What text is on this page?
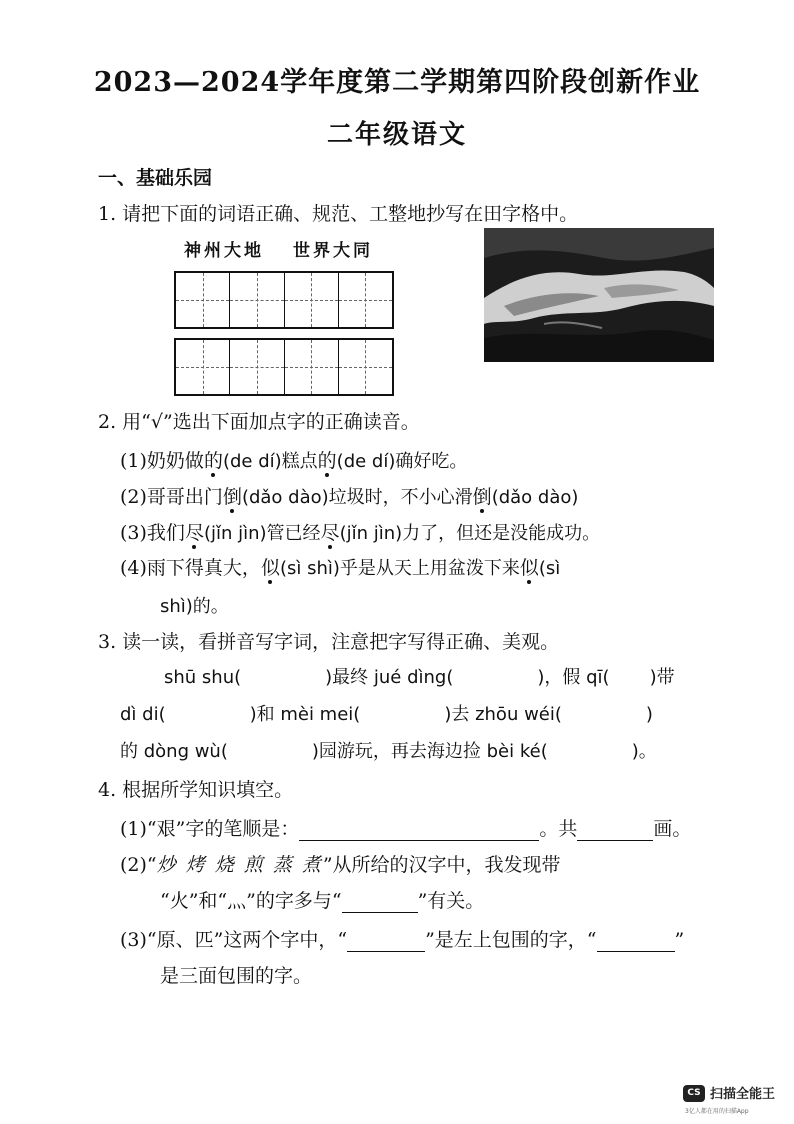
2023—2024学年度第二学期第四阶段创新作业
二年级语文
一、基础乐园
1. 请把下面的词语正确、规范、工整地抄写在田字格中。
神州大地 世界大同
2. 用“√”选出下面加点字的正确读音。
(1)奶奶做的(de dí)糕点的(de dí)确好吃。
(2)哥哥出门倒(dǎo dào)垃圾时，不小心滑倒(dǎo dào)
(3)我们尽(jǐn jìn)管已经尽(jǐn jìn)力了，但还是没能成功。
(4)雨下得真大，似(sì shì)乎是从天上用盆泼下来似(sì
shì)的。
3. 读一读，看拼音写字词，注意把字写得正确、美观。
shū shu(	)最终 jué dìng(	)，假 qī( )带
dì di(	)和 mèi mei(	)去 zhōu wéi(	)
的 dòng wù(	)园游玩，再去海边捡 bèi ké(	)。
4. 根据所学知识填空。
(1)“艰”字的笔顺是：	。共	画。
(2)“炒 烤 烧 煎 蒸 煮”从所给的汉字中，我发现带
“火”和“灬”的字多与“	”有关。
(3)“原、匹”这两个字中，“	”是左上包围的字，“	”
是三面包围的字。
CS 扫描全能王
3亿人都在用的扫描App
